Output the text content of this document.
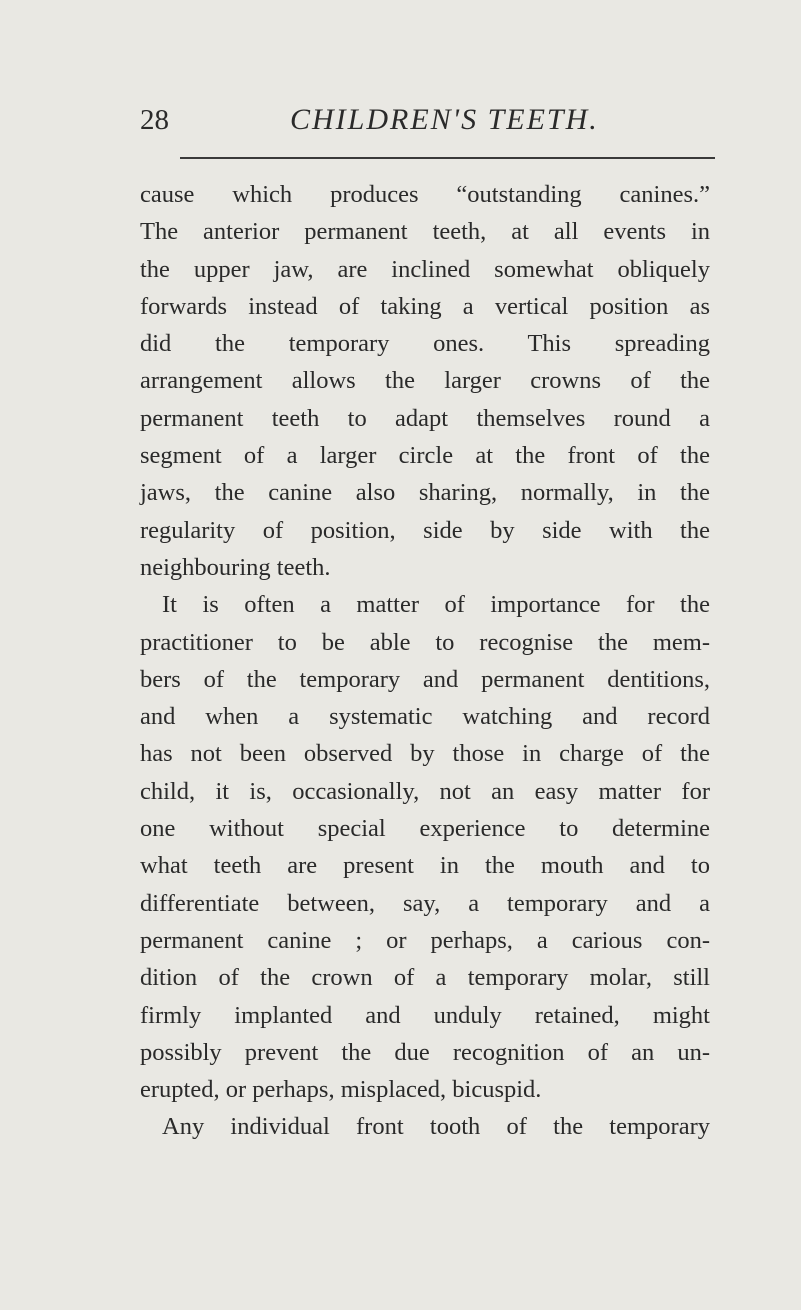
28	CHILDREN'S TEETH.
cause which produces “outstanding canines.”
The anterior permanent teeth, at all events in
the upper jaw, are inclined somewhat obliquely
forwards instead of taking a vertical position as
did the temporary ones. This spreading
arrangement allows the larger crowns of the
permanent teeth to adapt themselves round a
segment of a larger circle at the front of the
jaws, the canine also sharing, normally, in the
regularity of position, side by side with the
neighbouring teeth.
It is often a matter of importance for the
practitioner to be able to recognise the mem-
bers of the temporary and permanent dentitions,
and when a systematic watching and record
has not been observed by those in charge of the
child, it is, occasionally, not an easy matter for
one without special experience to determine
what teeth are present in the mouth and to
differentiate between, say, a temporary and a
permanent canine ; or perhaps, a carious con-
dition of the crown of a temporary molar, still
firmly implanted and unduly retained, might
possibly prevent the due recognition of an un-
erupted, or perhaps, misplaced, bicuspid.
Any individual front tooth of the temporary
